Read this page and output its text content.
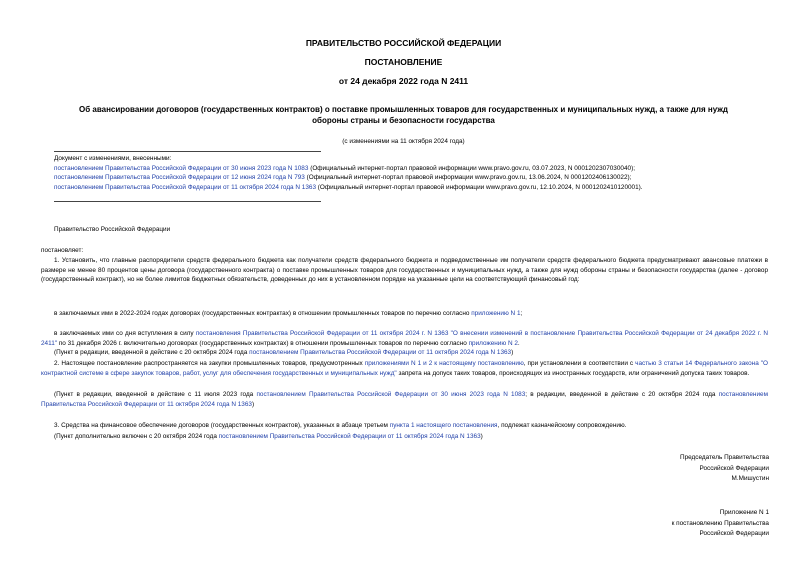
ПРАВИТЕЛЬСТВО РОССИЙСКОЙ ФЕДЕРАЦИИ
ПОСТАНОВЛЕНИЕ
от 24 декабря 2022 года N 2411
Об авансировании договоров (государственных контрактов) о поставке промышленных товаров для государственных и муниципальных нужд, а также для нужд
обороны страны и безопасности государства
(с изменениями на 11 октября 2024 года)
Документ с изменениями, внесенными:
постановлением Правительства Российской Федерации от 30 июня 2023 года N 1083 (Официальный интернет-портал правовой информации www.pravo.gov.ru, 03.07.2023, N 0001202307030040);
постановлением Правительства Российской Федерации от 12 июня 2024 года N 793 (Официальный интернет-портал правовой информации www.pravo.gov.ru, 13.06.2024, N 0001202406130022);
постановлением Правительства Российской Федерации от 11 октября 2024 года N 1363 (Официальный интернет-портал правовой информации www.pravo.gov.ru, 12.10.2024, N 0001202410120001).
Правительство Российской Федерации
постановляет:
1. Установить, что главные распорядители средств федерального бюджета как получатели средств федерального бюджета и подведомственные им получатели средств федерального бюджета предусматривают авансовые платежи в размере не менее 80 процентов цены договора (государственного контракта) о поставке промышленных товаров для государственных и муниципальных нужд, а также для нужд обороны страны и безопасности государства (далее - договор (государственный контракт), но не более лимитов бюджетных обязательств, доведенных до них в установленном порядке на указанные цели на соответствующий финансовый год:
в заключаемых ими в 2022-2024 годах договорах (государственных контрактах) в отношении промышленных товаров по перечню согласно приложению N 1;
в заключаемых ими со дня вступления в силу постановления Правительства Российской Федерации от 11 октября 2024 г. N 1363 "О внесении изменений в постановление Правительства Российской Федерации от 24 декабря 2022 г. N 2411" по 31 декабря 2026 г. включительно договорах (государственных контрактах) в отношении промышленных товаров по перечню согласно приложению N 2.
(Пункт в редакции, введенной в действие с 20 октября 2024 года постановлением Правительства Российской Федерации от 11 октября 2024 года N 1363)
2. Настоящее постановление распространяется на закупки промышленных товаров, предусмотренных приложениями N 1 и 2 к настоящему постановлению, при установлении в соответствии с частью 3 статьи 14 Федерального закона "О контрактной системе в сфере закупок товаров, работ, услуг для обеспечения государственных и муниципальных нужд" запрета на допуск таких товаров, происходящих из иностранных государств, или ограничений допуска таких товаров.
(Пункт в редакции, введенной в действие с 11 июля 2023 года постановлением Правительства Российской Федерации от 30 июня 2023 года N 1083; в редакции, введенной в действие с 20 октября 2024 года постановлением Правительства Российской Федерации от 11 октября 2024 года N 1363)
3. Средства на финансовое обеспечение договоров (государственных контрактов), указанных в абзаце третьем пункта 1 настоящего постановления, подлежат казначейскому сопровождению.
(Пункт дополнительно включен с 20 октября 2024 года постановлением Правительства Российской Федерации от 11 октября 2024 года N 1363)
Председатель Правительства
Российской Федерации
М.Мишустин
Приложение N 1
к постановлению Правительства
Российской Федерации
